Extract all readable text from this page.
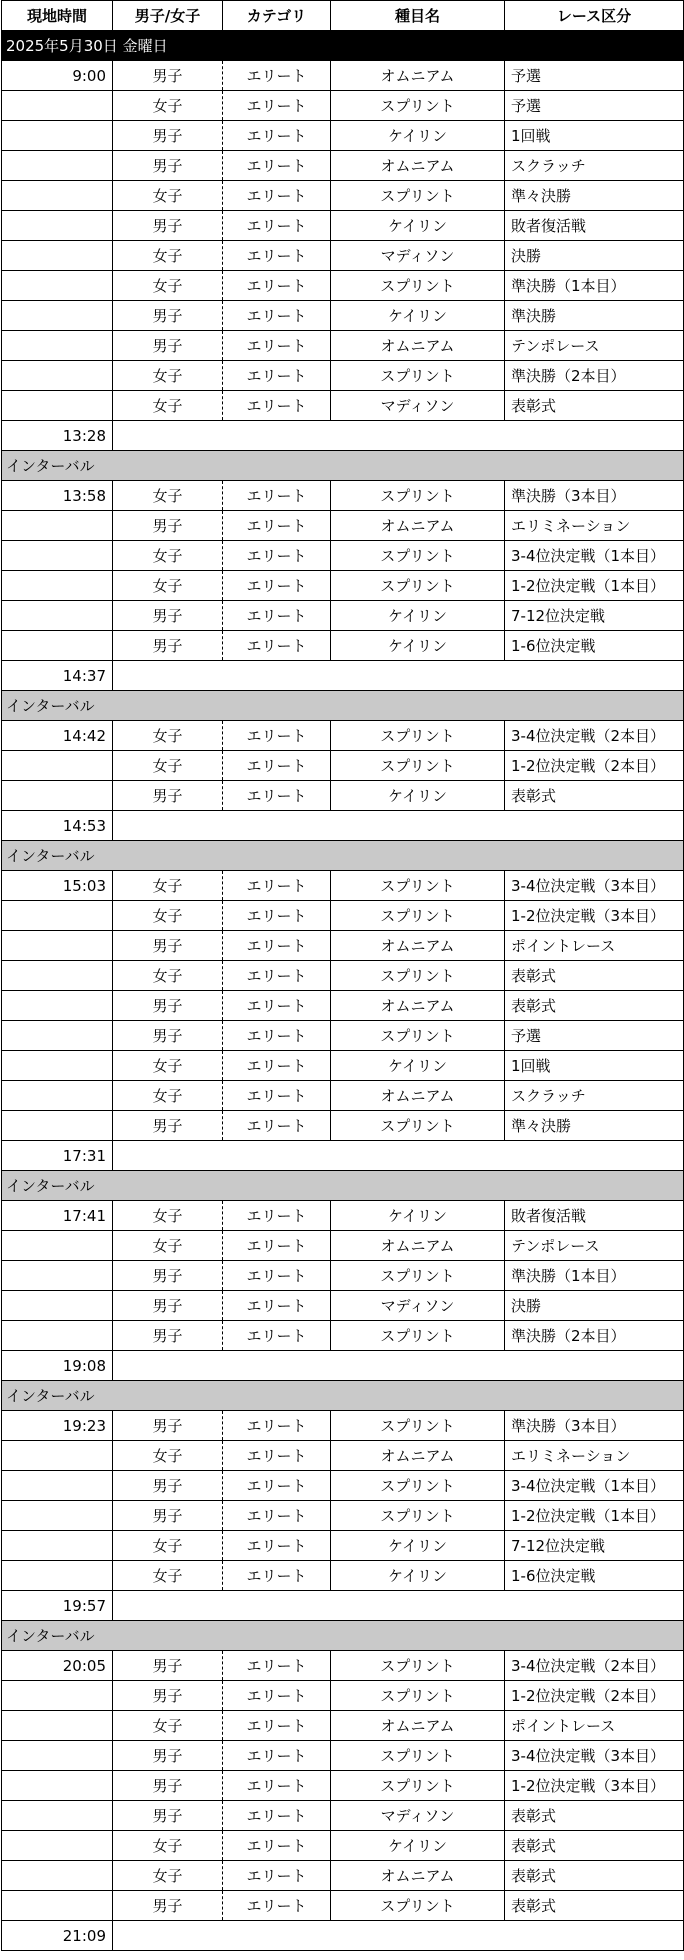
現地時間	男子/女子	カテゴリ	種目名	レース区分
2025年5月30日 金曜日				
9:00	男子	エリート	オムニアム	予選
	女子	エリート	スプリント	予選
	男子	エリート	ケイリン	1回戦
	男子	エリート	オムニアム	スクラッチ
	女子	エリート	スプリント	準々決勝
	男子	エリート	ケイリン	敗者復活戦
	女子	エリート	マディソン	決勝
	女子	エリート	スプリント	準決勝（1本目）
	男子	エリート	ケイリン	準決勝
	男子	エリート	オムニアム	テンポレース
	女子	エリート	スプリント	準決勝（2本目）
	女子	エリート	マディソン	表彰式
13:28				
インターバル				
13:58	女子	エリート	スプリント	準決勝（3本目）
	男子	エリート	オムニアム	エリミネーション
	女子	エリート	スプリント	3-4位決定戦（1本目）
	女子	エリート	スプリント	1-2位決定戦（1本目）
	男子	エリート	ケイリン	7-12位決定戦
	男子	エリート	ケイリン	1-6位決定戦
14:37				
インターバル				
14:42	女子	エリート	スプリント	3-4位決定戦（2本目）
	女子	エリート	スプリント	1-2位決定戦（2本目）
	男子	エリート	ケイリン	表彰式
14:53				
インターバル				
15:03	女子	エリート	スプリント	3-4位決定戦（3本目）
	女子	エリート	スプリント	1-2位決定戦（3本目）
	男子	エリート	オムニアム	ポイントレース
	女子	エリート	スプリント	表彰式
	男子	エリート	オムニアム	表彰式
	男子	エリート	スプリント	予選
	女子	エリート	ケイリン	1回戦
	女子	エリート	オムニアム	スクラッチ
	男子	エリート	スプリント	準々決勝
17:31				
インターバル				
17:41	女子	エリート	ケイリン	敗者復活戦
	女子	エリート	オムニアム	テンポレース
	男子	エリート	スプリント	準決勝（1本目）
	男子	エリート	マディソン	決勝
	男子	エリート	スプリント	準決勝（2本目）
19:08				
インターバル				
19:23	男子	エリート	スプリント	準決勝（3本目）
	女子	エリート	オムニアム	エリミネーション
	男子	エリート	スプリント	3-4位決定戦（1本目）
	男子	エリート	スプリント	1-2位決定戦（1本目）
	女子	エリート	ケイリン	7-12位決定戦
	女子	エリート	ケイリン	1-6位決定戦
19:57				
インターバル				
20:05	男子	エリート	スプリント	3-4位決定戦（2本目）
	男子	エリート	スプリント	1-2位決定戦（2本目）
	女子	エリート	オムニアム	ポイントレース
	男子	エリート	スプリント	3-4位決定戦（3本目）
	男子	エリート	スプリント	1-2位決定戦（3本目）
	男子	エリート	マディソン	表彰式
	女子	エリート	ケイリン	表彰式
	女子	エリート	オムニアム	表彰式
	男子	エリート	スプリント	表彰式
21:09				
